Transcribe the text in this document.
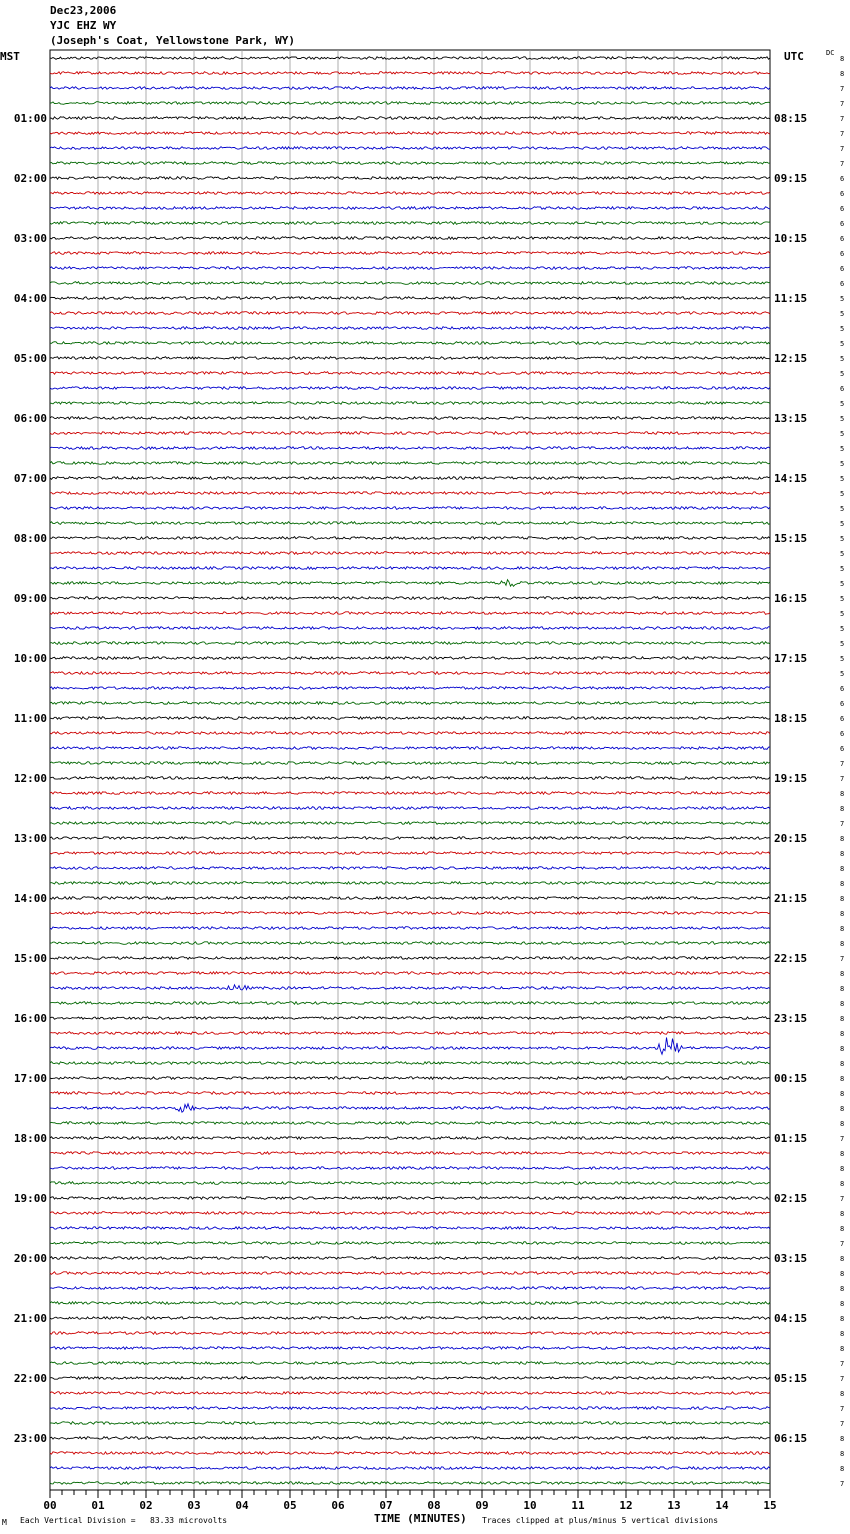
Dec23,2006
YJC EHZ WY
(Joseph's Coat, Yellowstone Park, WY)
MST	UTC	DC
01:00
02:00
03:00
04:00
05:00
06:00
07:00
08:00
09:00
10:00
11:00
12:00
13:00
14:00
15:00
16:00
17:00
18:00
19:00
20:00
21:00
22:00
23:00
08:15
09:15
10:15
11:15
12:15
13:15
14:15
15:15
16:15
17:15
18:15
19:15
20:15
21:15
22:15
23:15
00:15
01:15
02:15
03:15
04:15
05:15
06:15
8
8
7
7
7
7
7
7
6
6
6
6
6
6
6
6
5
5
5
5
5
5
6
5
5
5
5
5
5
5
5
5
5
5
5
5
5
5
5
5
5
5
6
6
6
6
6
7
7
8
8
7
8
8
8
8
8
8
8
8
7
8
8
8
8
8
8
8
8
8
8
8
7
8
8
8
7
8
8
7
8
8
8
8
8
8
8
7
7
8
7
7
8
8
8
7
00	01	02	03	04	05	06	07	08	09	10	11	12	13	14	15
M Each Vertical Division =   83.33 microvolts	TIME (MINUTES) Traces clipped at plus/minus 5 vertical divisions
